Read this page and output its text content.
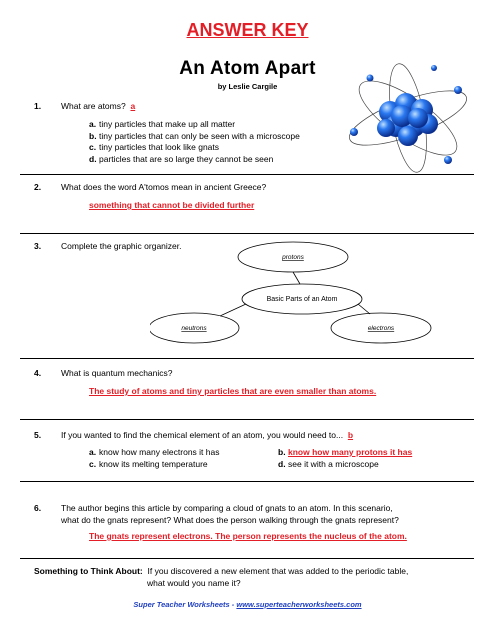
ANSWER KEY
An Atom Apart
by Leslie Cargile
1. What are atoms? a
a. tiny particles that make up all matter
b. tiny particles that can only be seen with a microscope
c. tiny particles that look like gnats
d. particles that are so large they cannot be seen
2. What does the word A'tomos mean in ancient Greece?
something that cannot be divided further
3. Complete the graphic organizer.
protons
Basic Parts of an Atom
neutrons	electrons
4. What is quantum mechanics?
The study of atoms and tiny particles that are even smaller than atoms.
5. If you wanted to find the chemical element of an atom, you would need to... b
a. know how many electrons it has
c. know its melting temperature
b. know how many protons it has
d. see it with a microscope
6. The author begins this article by comparing a cloud of gnats to an atom. In this scenario,
what do the gnats represent? What does the person walking through the gnats represent?
The gnats represent electrons. The person represents the nucleus of the atom.
Something to Think About: If you discovered a new element that was added to the periodic table,
what would you name it?
Super Teacher Worksheets - www.superteacherworksheets.com
